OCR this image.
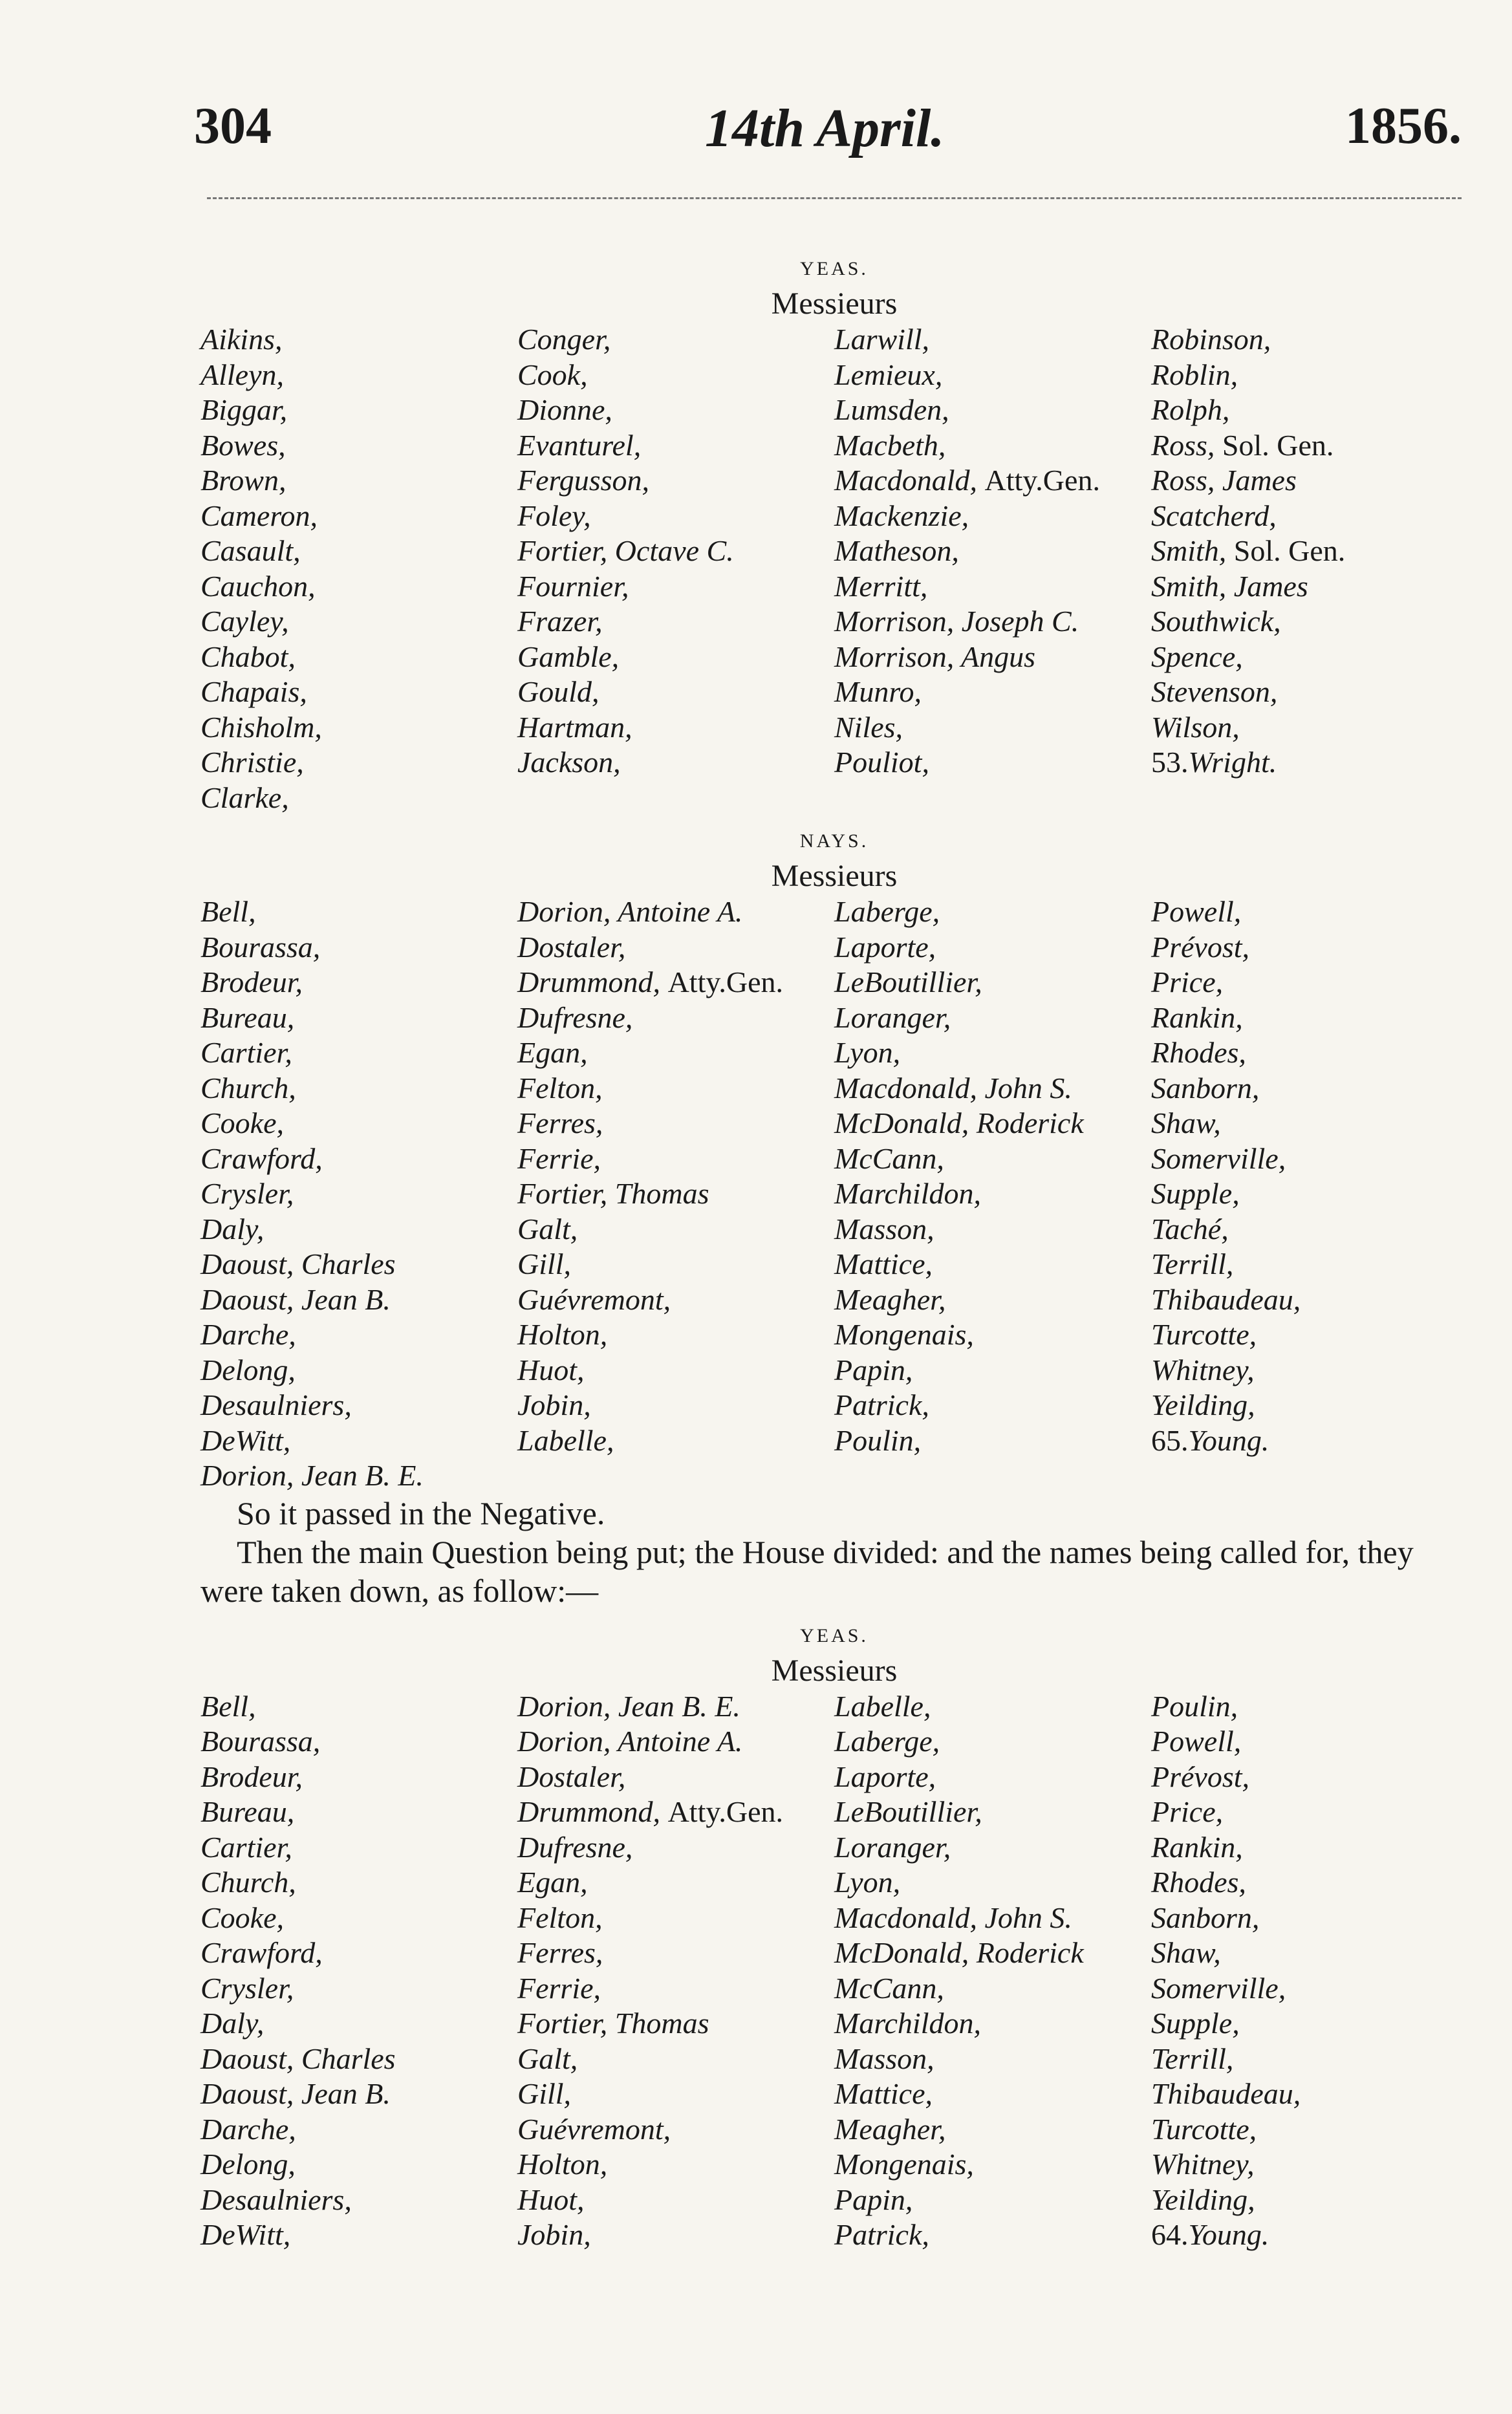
304	14th April.	1856.
YEAS.
Messieurs
Aikins,	Conger,	Larwill,	Robinson,
Alleyn,	Cook,	Lemieux,	Roblin,
Biggar,	Dionne,	Lumsden,	Rolph,
Bowes,	Evanturel,	Macbeth,	Ross, Sol. Gen.
Brown,	Fergusson,	Macdonald, Atty.Gen.	Ross, James
Cameron,	Foley,	Mackenzie,	Scatcherd,
Casault,	Fortier, Octave C.	Matheson,	Smith, Sol. Gen.
Cauchon,	Fournier,	Merritt,	Smith, James
Cayley,	Frazer,	Morrison, Joseph C.	Southwick,
Chabot,	Gamble,	Morrison, Angus	Spence,
Chapais,	Gould,	Munro,	Stevenson,
Chisholm,	Hartman,	Niles,	Wilson,
Christie,	Jackson,	Pouliot,	53.Wright.
Clarke,
NAYS.
Messieurs
Bell,	Dorion, Antoine A.	Laberge,	Powell,
Bourassa,	Dostaler,	Laporte,	Prévost,
Brodeur,	Drummond, Atty.Gen.	LeBoutillier,	Price,
Bureau,	Dufresne,	Loranger,	Rankin,
Cartier,	Egan,	Lyon,	Rhodes,
Church,	Felton,	Macdonald, John S.	Sanborn,
Cooke,	Ferres,	McDonald, Roderick	Shaw,
Crawford,	Ferrie,	McCann,	Somerville,
Crysler,	Fortier, Thomas	Marchildon,	Supple,
Daly,	Galt,	Masson,	Taché,
Daoust, Charles	Gill,	Mattice,	Terrill,
Daoust, Jean B.	Guévremont,	Meagher,	Thibaudeau,
Darche,	Holton,	Mongenais,	Turcotte,
Delong,	Huot,	Papin,	Whitney,
Desaulniers,	Jobin,	Patrick,	Yeilding,
DeWitt,	Labelle,	Poulin,	65.Young.
Dorion, Jean B. E.
So it passed in the Negative.
Then the main Question being put; the House divided: and the names being called for, they were taken down, as follow:—
YEAS.
Messieurs
Bell,	Dorion, Jean B. E.	Labelle,	Poulin,
Bourassa,	Dorion, Antoine A.	Laberge,	Powell,
Brodeur,	Dostaler,	Laporte,	Prévost,
Bureau,	Drummond, Atty.Gen.	LeBoutillier,	Price,
Cartier,	Dufresne,	Loranger,	Rankin,
Church,	Egan,	Lyon,	Rhodes,
Cooke,	Felton,	Macdonald, John S.	Sanborn,
Crawford,	Ferres,	McDonald, Roderick	Shaw,
Crysler,	Ferrie,	McCann,	Somerville,
Daly,	Fortier, Thomas	Marchildon,	Supple,
Daoust, Charles	Galt,	Masson,	Terrill,
Daoust, Jean B.	Gill,	Mattice,	Thibaudeau,
Darche,	Guévremont,	Meagher,	Turcotte,
Delong,	Holton,	Mongenais,	Whitney,
Desaulniers,	Huot,	Papin,	Yeilding,
DeWitt,	Jobin,	Patrick,	64.Young.
